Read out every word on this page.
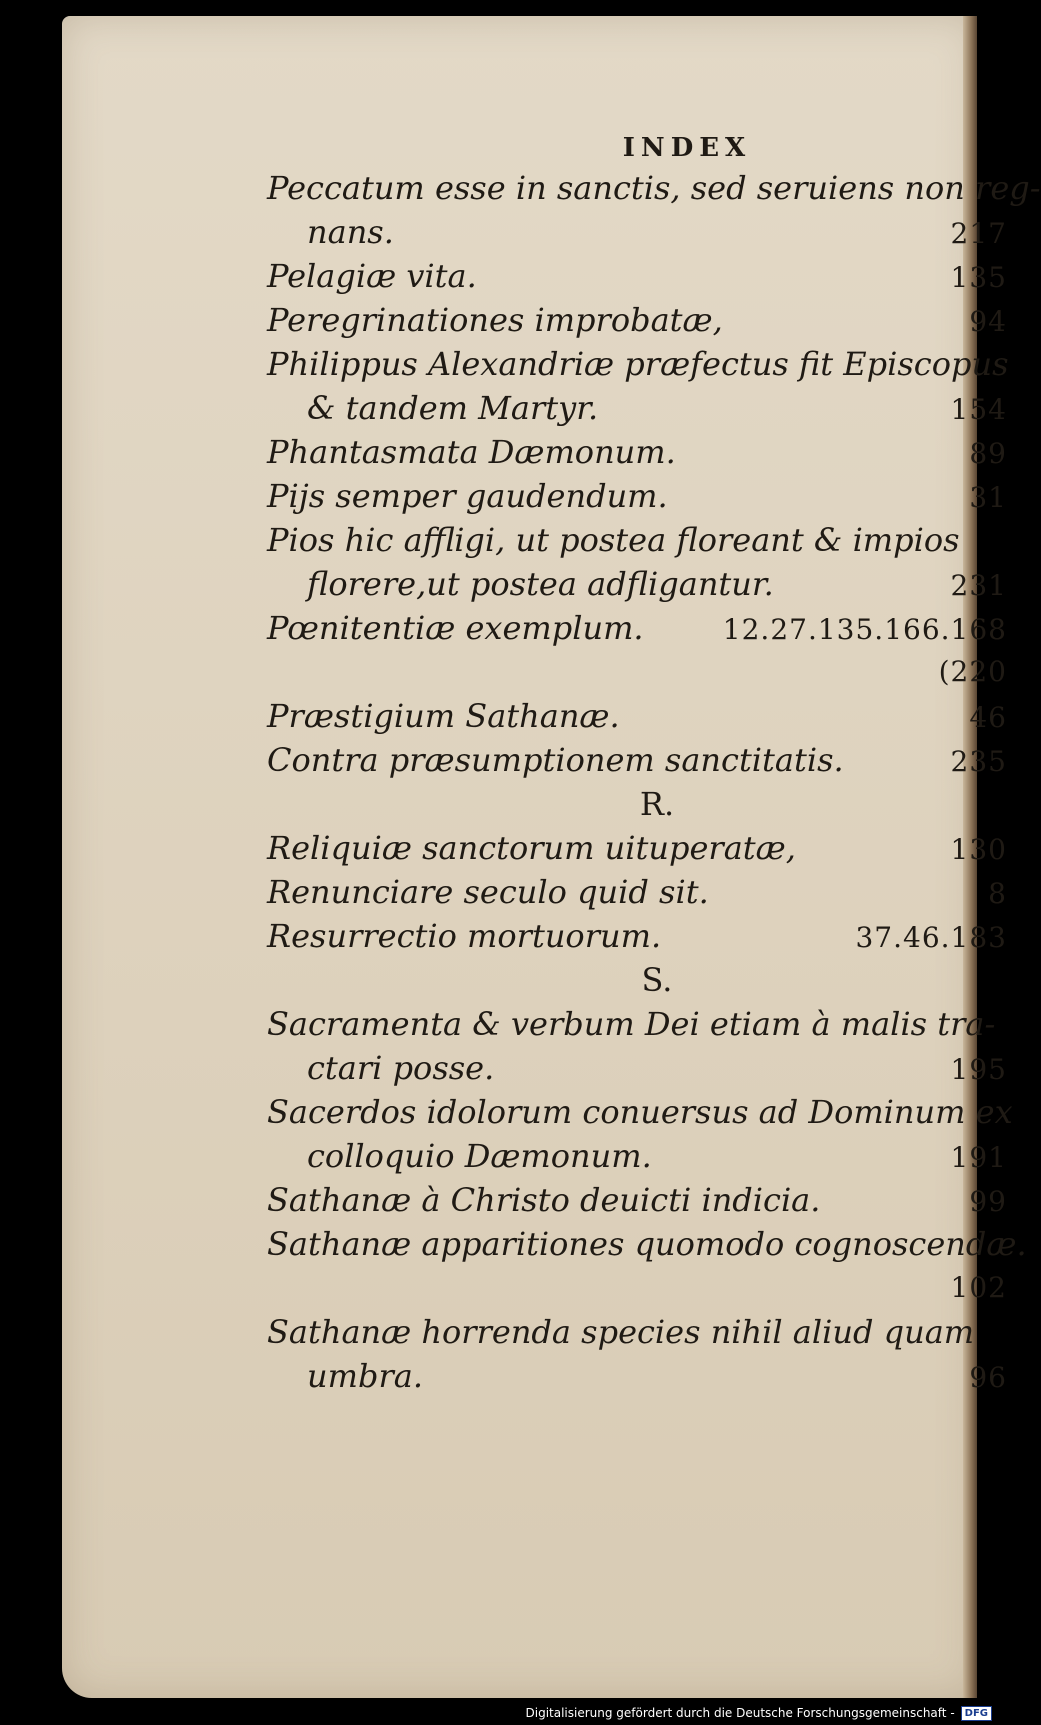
INDEX
Peccatum esse in sanctis, sed seruiens non reg-
nans.	217
Pelagiæ vita.	135
Peregrinationes improbatæ,	94
Philippus Alexandriæ præfectus fit Episcopus
& tandem Martyr.	154
Phantasmata Dæmonum.	89
Pijs semper gaudendum.	31
Pios hic affligi, ut postea floreant & impios
florere,ut postea adfligantur.	231
Pœnitentiæ exemplum.	12.27.135.166.168
(220
Præstigium Sathanæ.	46
Contra præsumptionem sanctitatis.	235
R.
Reliquiæ sanctorum uituperatæ,	130
Renunciare seculo quid sit.	8
Resurrectio mortuorum.	37.46.183
S.
Sacramenta & verbum Dei etiam à malis tra-
ctari posse.	195
Sacerdos idolorum conuersus ad Dominum ex
colloquio Dæmonum.	191
Sathanæ à Christo deuicti indicia.	99
Sathanæ apparitiones quomodo cognoscendæ.
102
Sathanæ horrenda species nihil aliud quam
umbra.	96
Digitalisierung gefördert durch die Deutsche Forschungsgemeinschaft -	DFG
